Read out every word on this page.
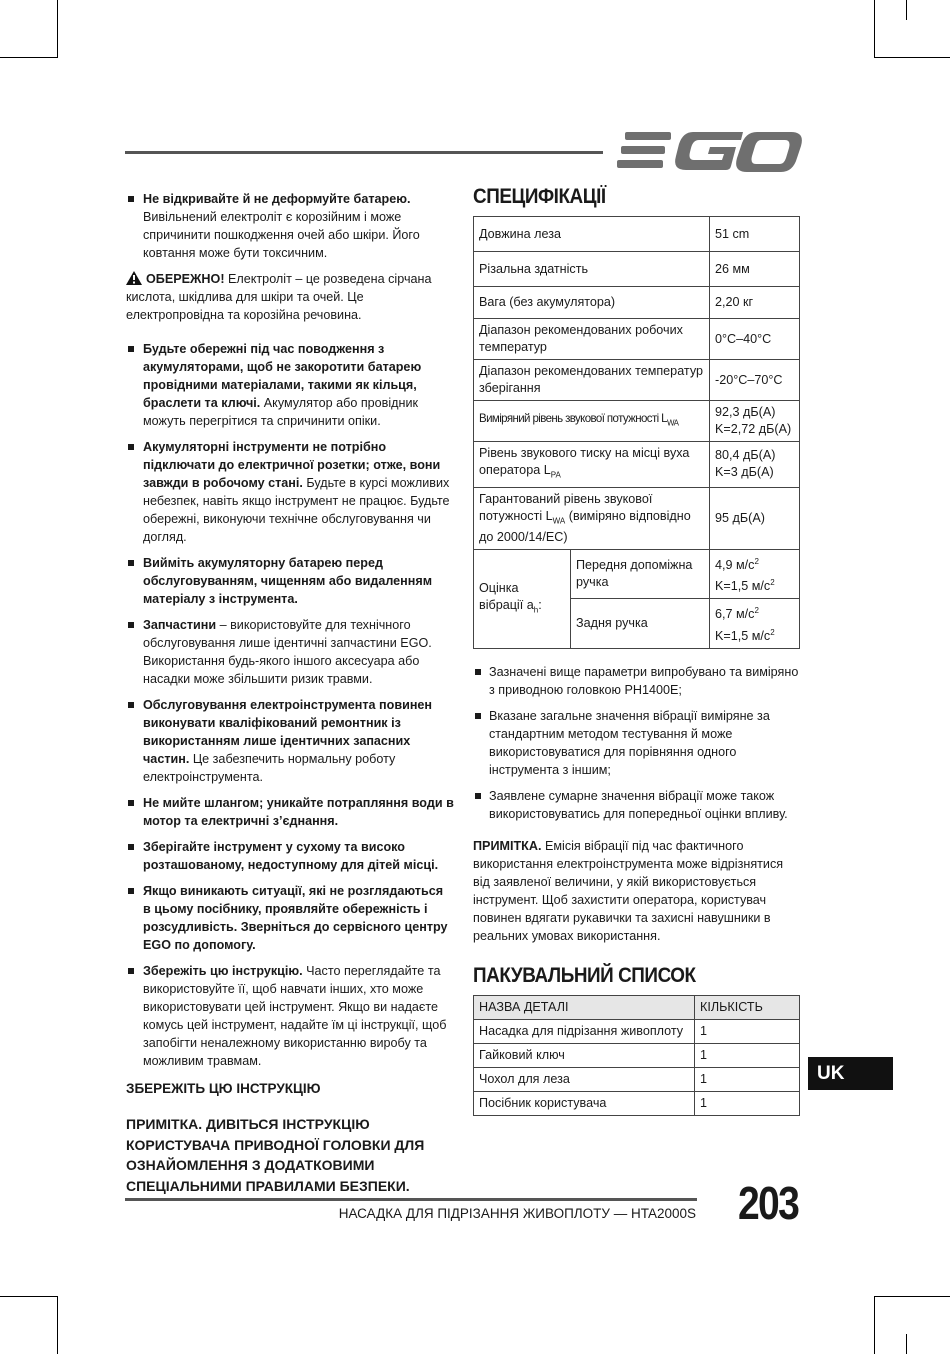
Не відкривайте й не деформуйте батарею. Вивільнений електроліт є корозійним і може спричинити пошкодження очей або шкіри. Його ковтання може бути токсичним.
ОБЕРЕЖНО! Електроліт – це розведена сірчана кислота, шкідлива для шкіри та очей. Це електропровідна та корозійна речовина.
Будьте обережні під час поводження з акумуляторами, щоб не закоротити батарею провідними матеріалами, такими як кільця, браслети та ключі. Акумулятор або провідник можуть перегрітися та спричинити опіки.
Акумуляторні інструменти не потрібно підключати до електричної розетки; отже, вони завжди в робочому стані. Будьте в курсі можливих небезпек, навіть якщо інструмент не працює. Будьте обережні, виконуючи технічне обслуговування чи догляд.
Вийміть акумуляторну батарею перед обслуговуванням, чищенням або видаленням матеріалу з інструмента.
Запчастини – використовуйте для технічного обслуговування лише ідентичні запчастини EGO. Використання будь-якого іншого аксесуара або насадки може збільшити ризик травми.
Обслуговування електроінструмента повинен виконувати кваліфікований ремонтник із використанням лише ідентичних запасних частин. Це забезпечить нормальну роботу електроінструмента.
Не мийте шлангом; уникайте потрапляння води в мотор та електричні з’єднання.
Зберігайте інструмент у сухому та високо розташованому, недоступному для дітей місці.
Якщо виникають ситуації, які не розглядаються в цьому посібнику, проявляйте обережність і розсудливість. Зверніться до сервісного центру EGO по допомогу.
Збережіть цю інструкцію. Часто переглядайте та використовуйте її, щоб навчати інших, хто може використовувати цей інструмент. Якщо ви надаєте комусь цей інструмент, надайте їм ці інструкції, щоб запобігти неналежному використанню виробу та можливим травмам.
ЗБЕРЕЖІТЬ ЦЮ ІНСТРУКЦІЮ
ПРИМІТКА. ДИВІТЬСЯ ІНСТРУКЦІЮ КОРИСТУВАЧА ПРИВОДНОЇ ГОЛОВКИ ДЛЯ ОЗНАЙОМЛЕННЯ З ДОДАТКОВИМИ СПЕЦІАЛЬНИМИ ПРАВИЛАМИ БЕЗПЕКИ.
СПЕЦИФІКАЦІЇ
Довжина леза	51 cm
Різальна здатність	26 мм
Вага (без акумулятора)	2,20 кг
Діапазон рекомендованих робочих температур	0°C–40°C
Діапазон рекомендованих температур зберігання	-20°C–70°C
Виміряний рівень звукової потужності $L_{WA}$	92,3 дБ(A)
K=2,72 дБ(A)

Рівень звукового тиску на місці вуха оператора $L_{PA}$	80,4 дБ(A)
K=3 дБ(A)

Гарантований рівень звукової потужності $L_{WA}$ (виміряно відповідно до 2000/14/EC)	95 дБ(A)
Оцінка вібрації $a_h$:	Передня допоміжна ручка	4,9 $м/с^2$
K=1,5 $м/с^2$

	Задня ручка	6,7 $м/с^2$
K=1,5 $м/с^2$
Зазначені вище параметри випробувано та виміряно з приводною головкою PH1400E;
Вказане загальне значення вібрації виміряне за стандартним методом тестування й може використовуватися для порівняння одного інструмента з іншим;
Заявлене сумарне значення вібрації може також використовуватись для попередньої оцінки впливу.
ПРИМІТКА. Емісія вібрації під час фактичного використання електроінструмента може відрізнятися від заявленої величини, у якій використовується інструмент. Щоб захистити оператора, користувач повинен вдягати рукавички та захисні навушники в реальних умовах використання.
ПАКУВАЛЬНИЙ СПИСОК
НАЗВА ДЕТАЛІ	КІЛЬКІСТЬ
Насадка для підрізання живоплоту	1
Гайковий ключ	1
Чохол для леза	1
Посібник користувача	1
UK
НАСАДКА ДЛЯ ПІДРІЗАННЯ ЖИВОПЛОТУ — HTA2000S 203
